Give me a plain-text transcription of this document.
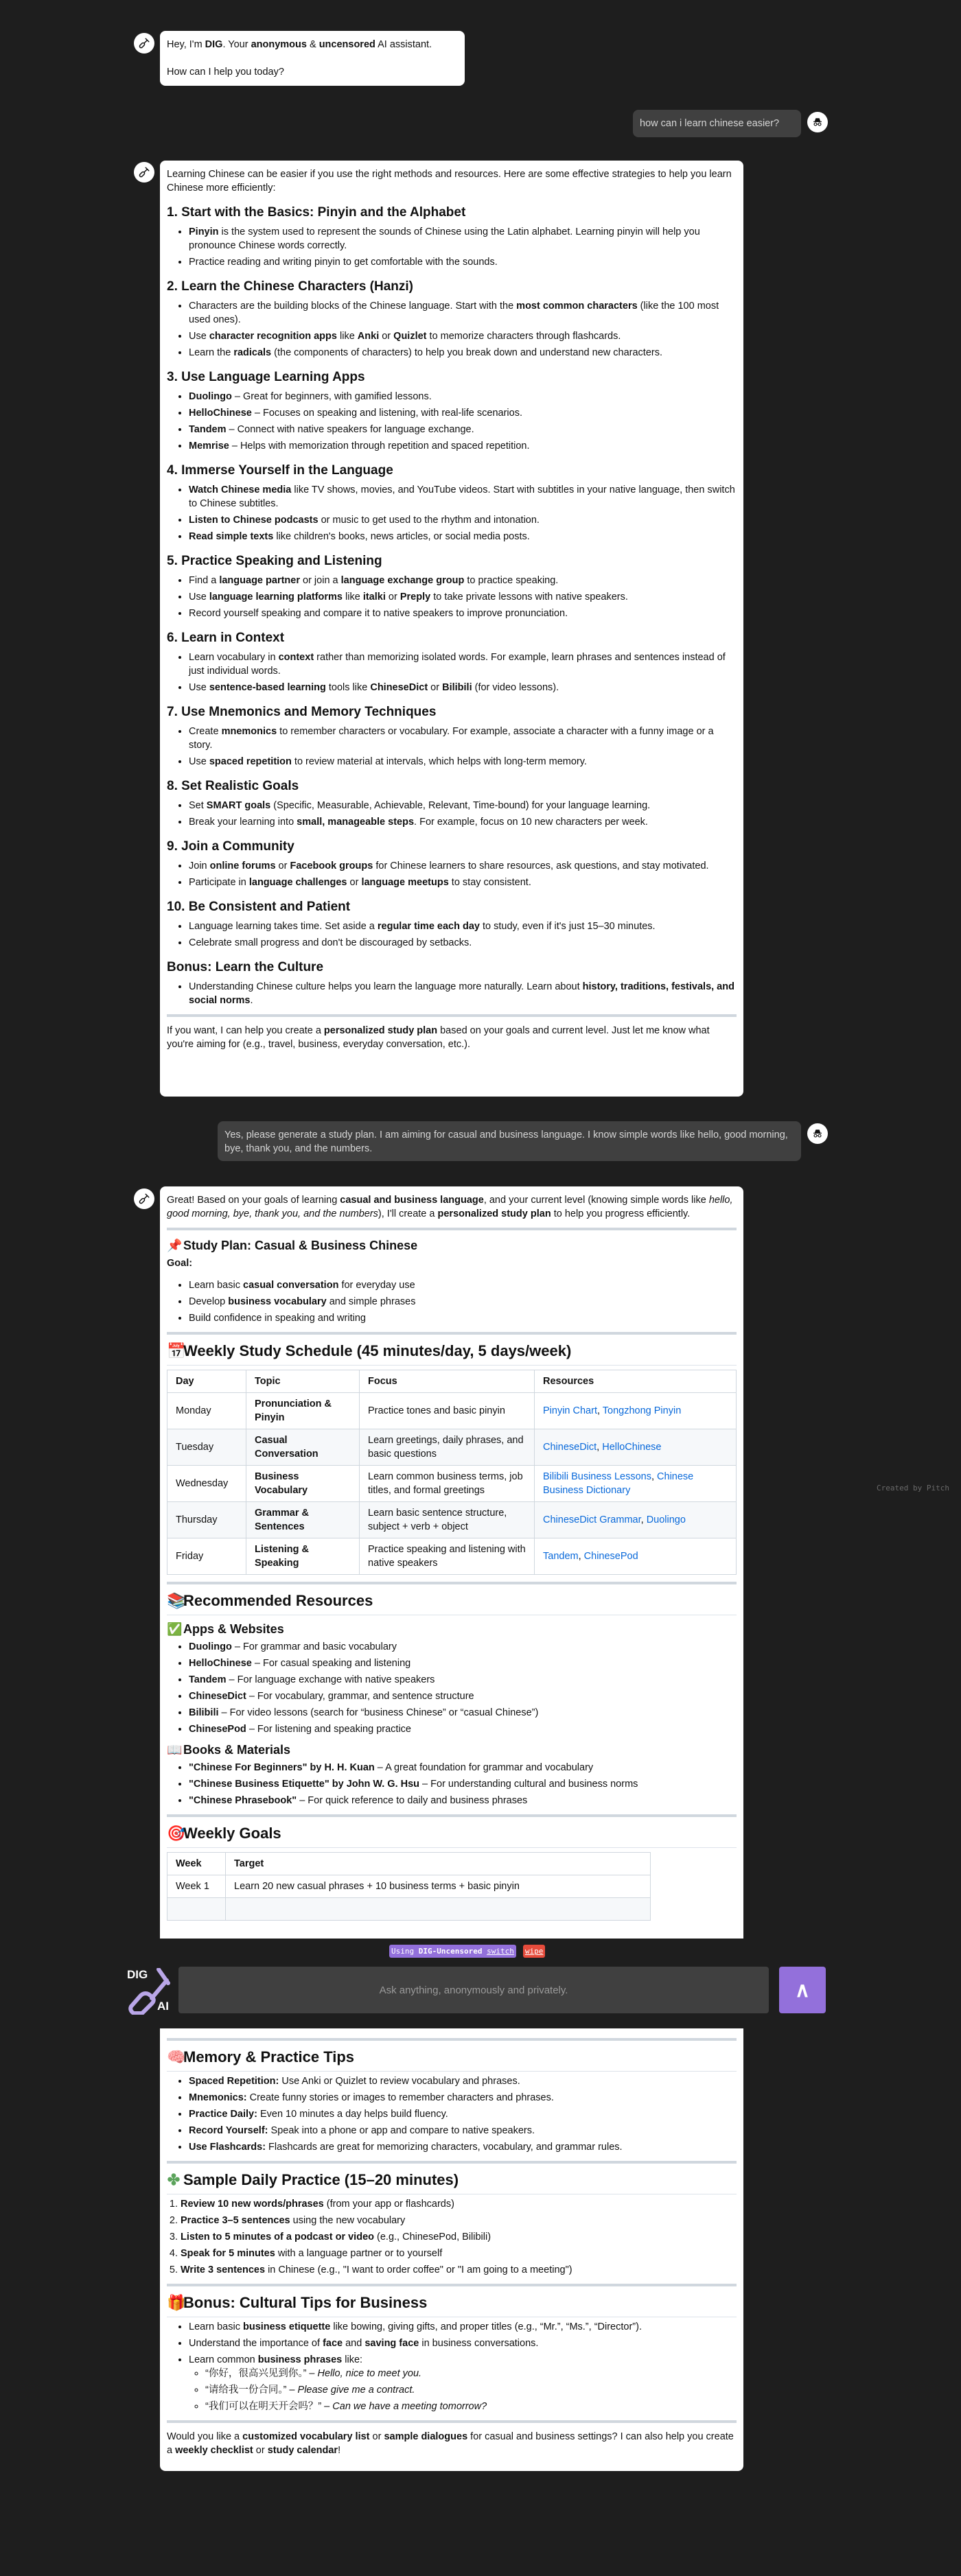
Hey, I'm DIG. Your anonymous & uncensored AI assistant.

How can I help you today?

how can i learn chinese easier?

Learning Chinese can be easier if you use the right methods and resources. Here are some effective strategies to help you learn Chinese more efficiently:

1. Start with the Basics: Pinyin and the Alphabet
• Pinyin is the system used to represent the sounds of Chinese using the Latin alphabet. Learning pinyin will help you pronounce Chinese words correctly.
• Practice reading and writing pinyin to get comfortable with the sounds.
2. Learn the Chinese Characters (Hanzi)
• Characters are the building blocks of the Chinese language. Start with the most common characters (like the 100 most used ones).
• Use character recognition apps like Anki or Quizlet to memorize characters through flashcards.
• Learn the radicals (the components of characters) to help you break down and understand new characters.
3. Use Language Learning Apps
• Duolingo – Great for beginners, with gamified lessons.
• HelloChinese – Focuses on speaking and listening, with real-life scenarios.
• Tandem – Connect with native speakers for language exchange.
• Memrise – Helps with memorization through repetition and spaced repetition.
4. Immerse Yourself in the Language
• Watch Chinese media like TV shows, movies, and YouTube videos. Start with subtitles in your native language, then switch to Chinese subtitles.
• Listen to Chinese podcasts or music to get used to the rhythm and intonation.
• Read simple texts like children's books, news articles, or social media posts.
5. Practice Speaking and Listening
• Find a language partner or join a language exchange group to practice speaking.
• Use language learning platforms like italki or Preply to take private lessons with native speakers.
• Record yourself speaking and compare it to native speakers to improve pronunciation.
6. Learn in Context
• Learn vocabulary in context rather than memorizing isolated words. For example, learn phrases and sentences instead of just individual words.
• Use sentence-based learning tools like ChineseDict or Bilibili (for video lessons).
7. Use Mnemonics and Memory Techniques
• Create mnemonics to remember characters or vocabulary. For example, associate a character with a funny image or a story.
• Use spaced repetition to review material at intervals, which helps with long-term memory.
8. Set Realistic Goals
• Set SMART goals (Specific, Measurable, Achievable, Relevant, Time-bound) for your language learning.
• Break your learning into small, manageable steps. For example, focus on 10 new characters per week.
9. Join a Community
• Join online forums or Facebook groups for Chinese learners to share resources, ask questions, and stay motivated.
• Participate in language challenges or language meetups to stay consistent.
10. Be Consistent and Patient
• Language learning takes time. Set aside a regular time each day to study, even if it's just 15–30 minutes.
• Celebrate small progress and don't be discouraged by setbacks.
Bonus: Learn the Culture
• Understanding Chinese culture helps you learn the language more naturally. Learn about history, traditions, festivals, and social norms.

If you want, I can help you create a personalized study plan based on your goals and current level. Just let me know what you're aiming for (e.g., travel, business, everyday conversation, etc.).

Yes, please generate a study plan. I am aiming for casual and business language. I know simple words like hello, good morning, bye, thank you, and the numbers.

Great! Based on your goals of learning casual and business language, and your current level (knowing simple words like hello, good morning, bye, thank you, and the numbers), I'll create a personalized study plan to help you progress efficiently.

📌Study Plan: Casual & Business Chinese

Goal:

• Learn basic casual conversation for everyday use
• Develop business vocabulary and simple phrases
• Build confidence in speaking and writing
📅Weekly Study Schedule (45 minutes/day, 5 days/week)
Day	Topic	Focus	Resources
Monday	Pronunciation & Pinyin	Practice tones and basic pinyin	Pinyin Chart, Tongzhong Pinyin
Tuesday	Casual Conversation	Learn greetings, daily phrases, and basic questions	ChineseDict, HelloChinese
Wednesday	Business Vocabulary	Learn common business terms, job titles, and formal greetings	Bilibili Business Lessons, Chinese Business Dictionary
Thursday	Grammar & Sentences	Learn basic sentence structure, subject + verb + object	ChineseDict Grammar, Duolingo
Friday	Listening & Speaking	Practice speaking and listening with native speakers	Tandem, ChinesePod
📚Recommended Resources
✅Apps & Websites
• Duolingo – For grammar and basic vocabulary
• HelloChinese – For casual speaking and listening
• Tandem – For language exchange with native speakers
• ChineseDict – For vocabulary, grammar, and sentence structure
• Bilibili – For video lessons (search for “business Chinese” or “casual Chinese”)
• ChinesePod – For listening and speaking practice
📖Books & Materials
• "Chinese For Beginners" by H. H. Kuan – A great foundation for grammar and vocabulary
• "Chinese Business Etiquette" by John W. G. Hsu – For understanding cultural and business norms
• "Chinese Phrasebook" – For quick reference to daily and business phrases
🎯Weekly Goals
Week	Target
Week 1	Learn 20 new casual phrases + 10 business terms + basic pinyin

Created by Pitch
Using DIG-Uncensored switch wipe
DIG
AI
Ask anything, anonymously and privately.	∧
🧠Memory & Practice Tips
• Spaced Repetition: Use Anki or Quizlet to review vocabulary and phrases.
• Mnemonics: Create funny stories or images to remember characters and phrases.
• Practice Daily: Even 10 minutes a day helps build fluency.
• Record Yourself: Speak into a phone or app and compare to native speakers.
• Use Flashcards: Flashcards are great for memorizing characters, vocabulary, and grammar rules.
✤ Sample Daily Practice (15–20 minutes)
1. Review 10 new words/phrases (from your app or flashcards)
2. Practice 3–5 sentences using the new vocabulary
3. Listen to 5 minutes of a podcast or video (e.g., ChinesePod, Bilibili)
4. Speak for 5 minutes with a language partner or to yourself
5. Write 3 sentences in Chinese (e.g., "I want to order coffee" or "I am going to a meeting")
🎁Bonus: Cultural Tips for Business
• Learn basic business etiquette like bowing, giving gifts, and proper titles (e.g., “Mr.”, “Ms.”, “Director”).
• Understand the importance of face and saving face in business conversations.
• Learn common business phrases like:
◦ “你好，很高兴见到你。” – Hello, nice to meet you.
◦ “请给我一份合同。” – Please give me a contract.
◦ “我们可以在明天开会吗？” – Can we have a meeting tomorrow?

Would you like a customized vocabulary list or sample dialogues for casual and business settings? I can also help you create a weekly checklist or study calendar!
